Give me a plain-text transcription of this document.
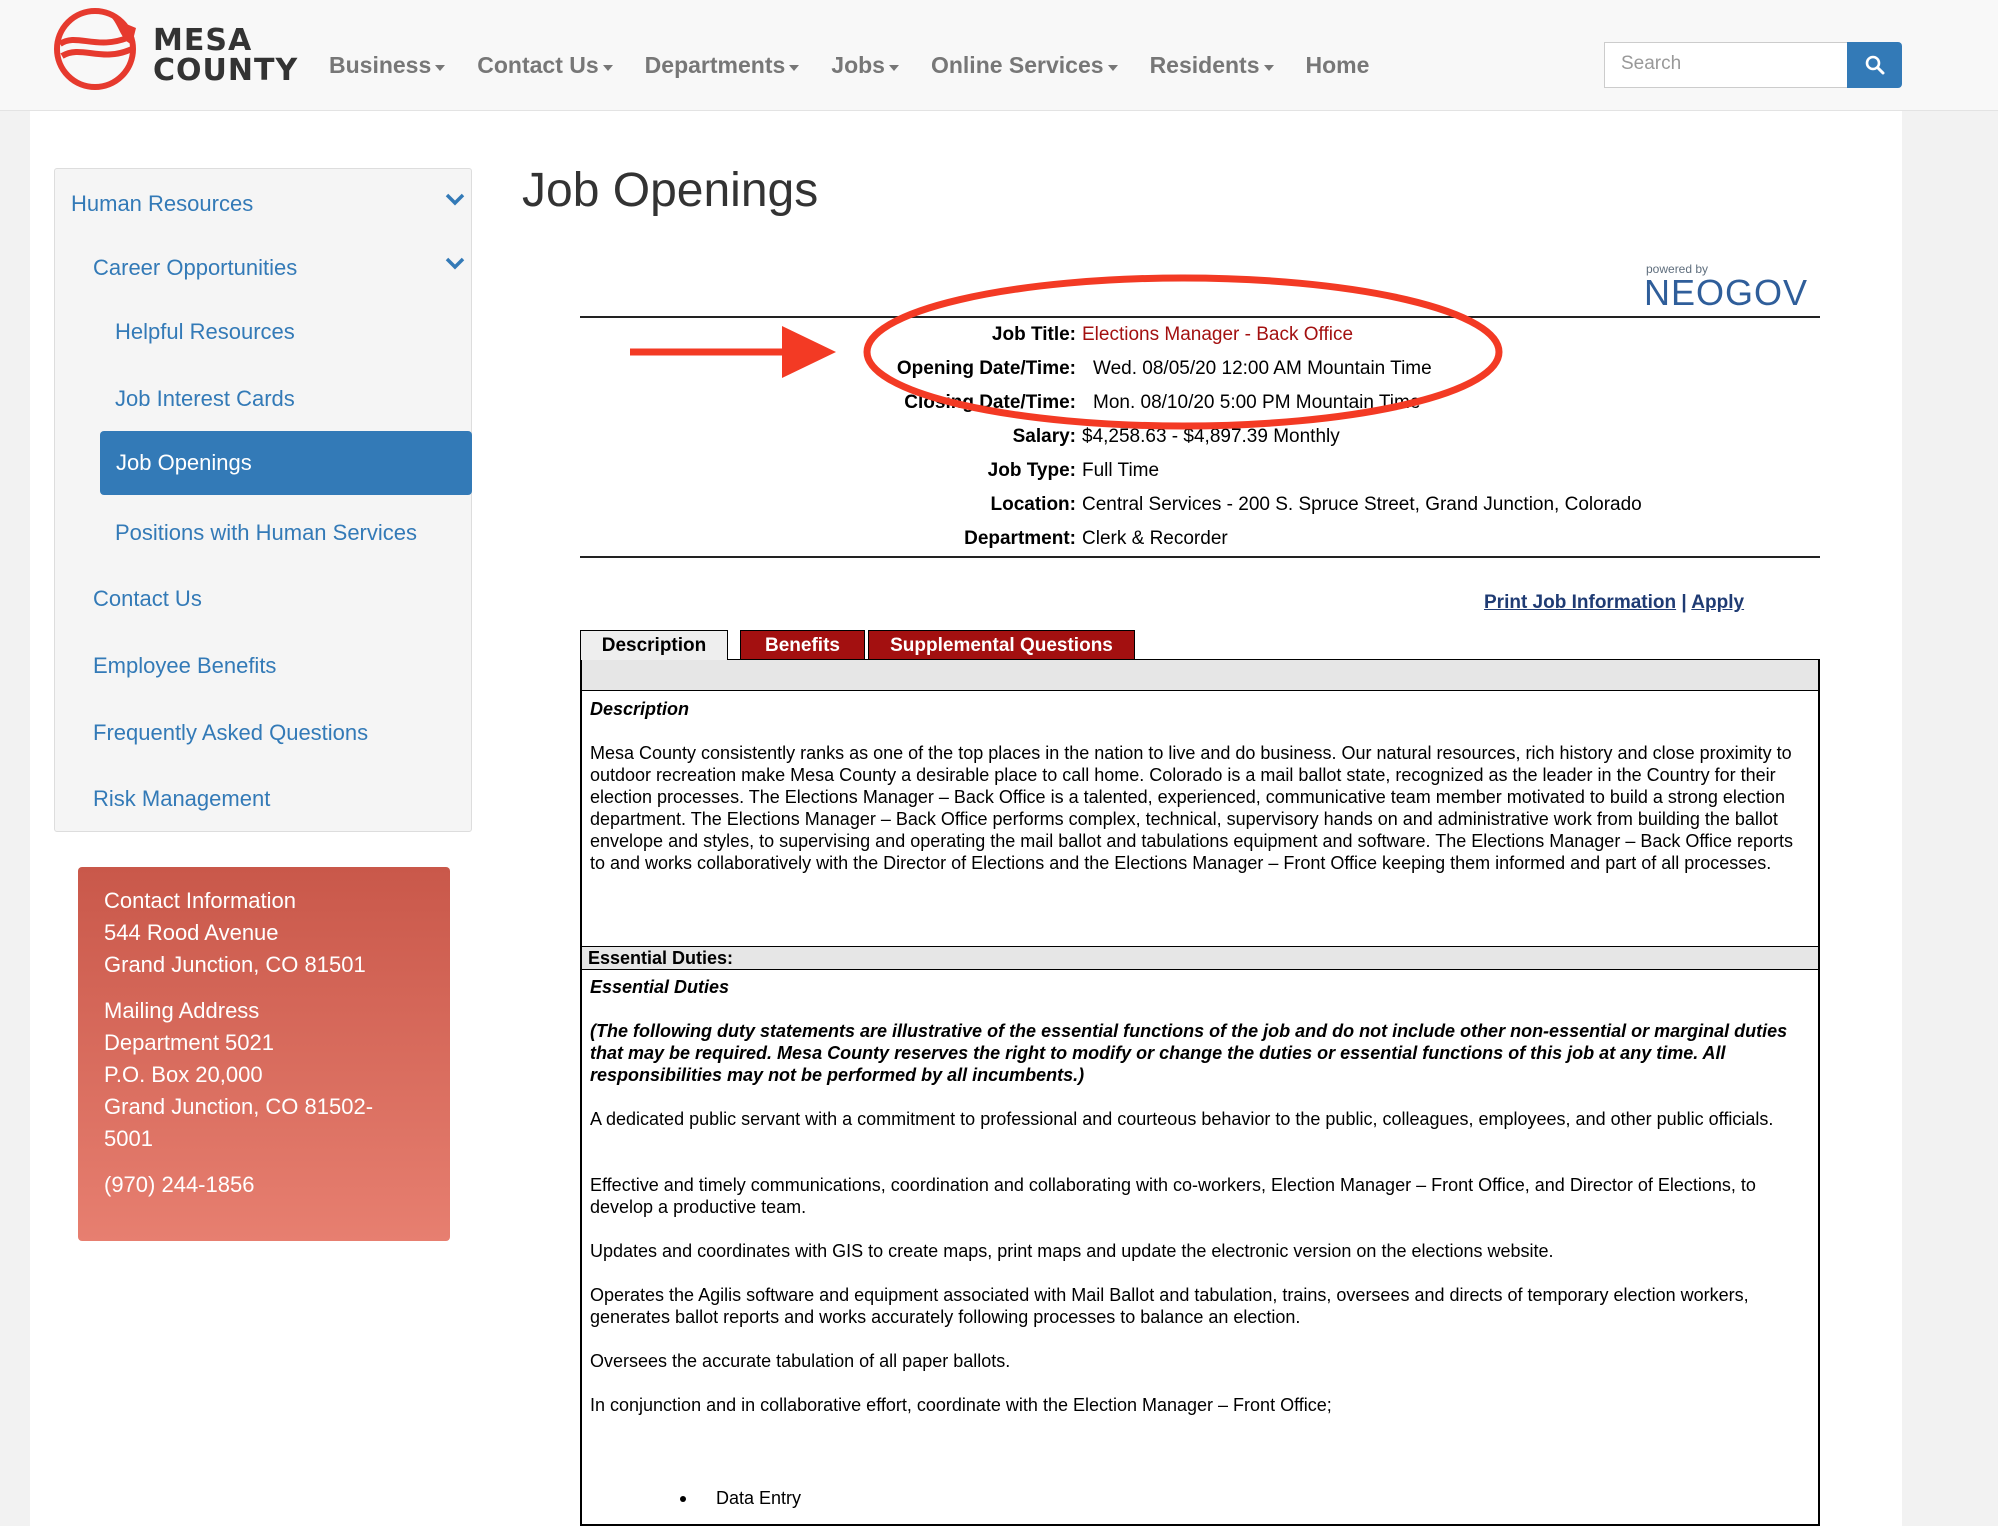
MESA
COUNTY Business Contact Us Departments Jobs Online Services Residents Home	Search
Human Resources
Career Opportunities
Helpful Resources
Job Interest Cards
Job Openings
Positions with Human Services
Contact Us
Employee Benefits
Frequently Asked Questions
Risk Management
Contact Information
544 Rood Avenue
Grand Junction, CO 81501
Mailing Address
Department 5021
P.O. Box 20,000
Grand Junction, CO 81502-
5001
(970) 244-1856
Job Openings
powered by
NEOGOV
Job Title: Elections Manager - Back Office
Opening Date/Time: Wed. 08/05/20 12:00 AM Mountain Time
Closing Date/Time: Mon. 08/10/20 5:00 PM Mountain Time
Salary: $4,258.63 - $4,897.39 Monthly
Job Type: Full Time
Location: Central Services - 200 S. Spruce Street, Grand Junction, Colorado
Department: Clerk & Recorder
Print Job Information | Apply
Description	Benefits	Supplemental Questions
Description
Mesa County consistently ranks as one of the top places in the nation to live and do business. Our natural resources, rich history and close proximity to outdoor recreation make Mesa County a desirable place to call home. Colorado is a mail ballot state, recognized as the leader in the Country for their election processes. The Elections Manager – Back Office is a talented, experienced, communicative team member motivated to build a strong election department. The Elections Manager – Back Office performs complex, technical, supervisory hands on and administrative work from building the ballot envelope and styles, to supervising and operating the mail ballot and tabulations equipment and software. The Elections Manager – Back Office reports to and works collaboratively with the Director of Elections and the Elections Manager – Front Office keeping them informed and part of all processes.
Essential Duties:
Essential Duties
(The following duty statements are illustrative of the essential functions of the job and do not include other non-essential or marginal duties that may be required. Mesa County reserves the right to modify or change the duties or essential functions of this job at any time. All responsibilities may not be performed by all incumbents.)
A dedicated public servant with a commitment to professional and courteous behavior to the public, colleagues, employees, and other public officials.
Effective and timely communications, coordination and collaborating with co-workers, Election Manager – Front Office, and Director of Elections, to develop a productive team.
Updates and coordinates with GIS to create maps, print maps and update the electronic version on the elections website.
Operates the Agilis software and equipment associated with Mail Ballot and tabulation, trains, oversees and directs of temporary election workers, generates ballot reports and works accurately following processes to balance an election.
Oversees the accurate tabulation of all paper ballots.
In conjunction and in collaborative effort, coordinate with the Election Manager – Front Office;
Data Entry
